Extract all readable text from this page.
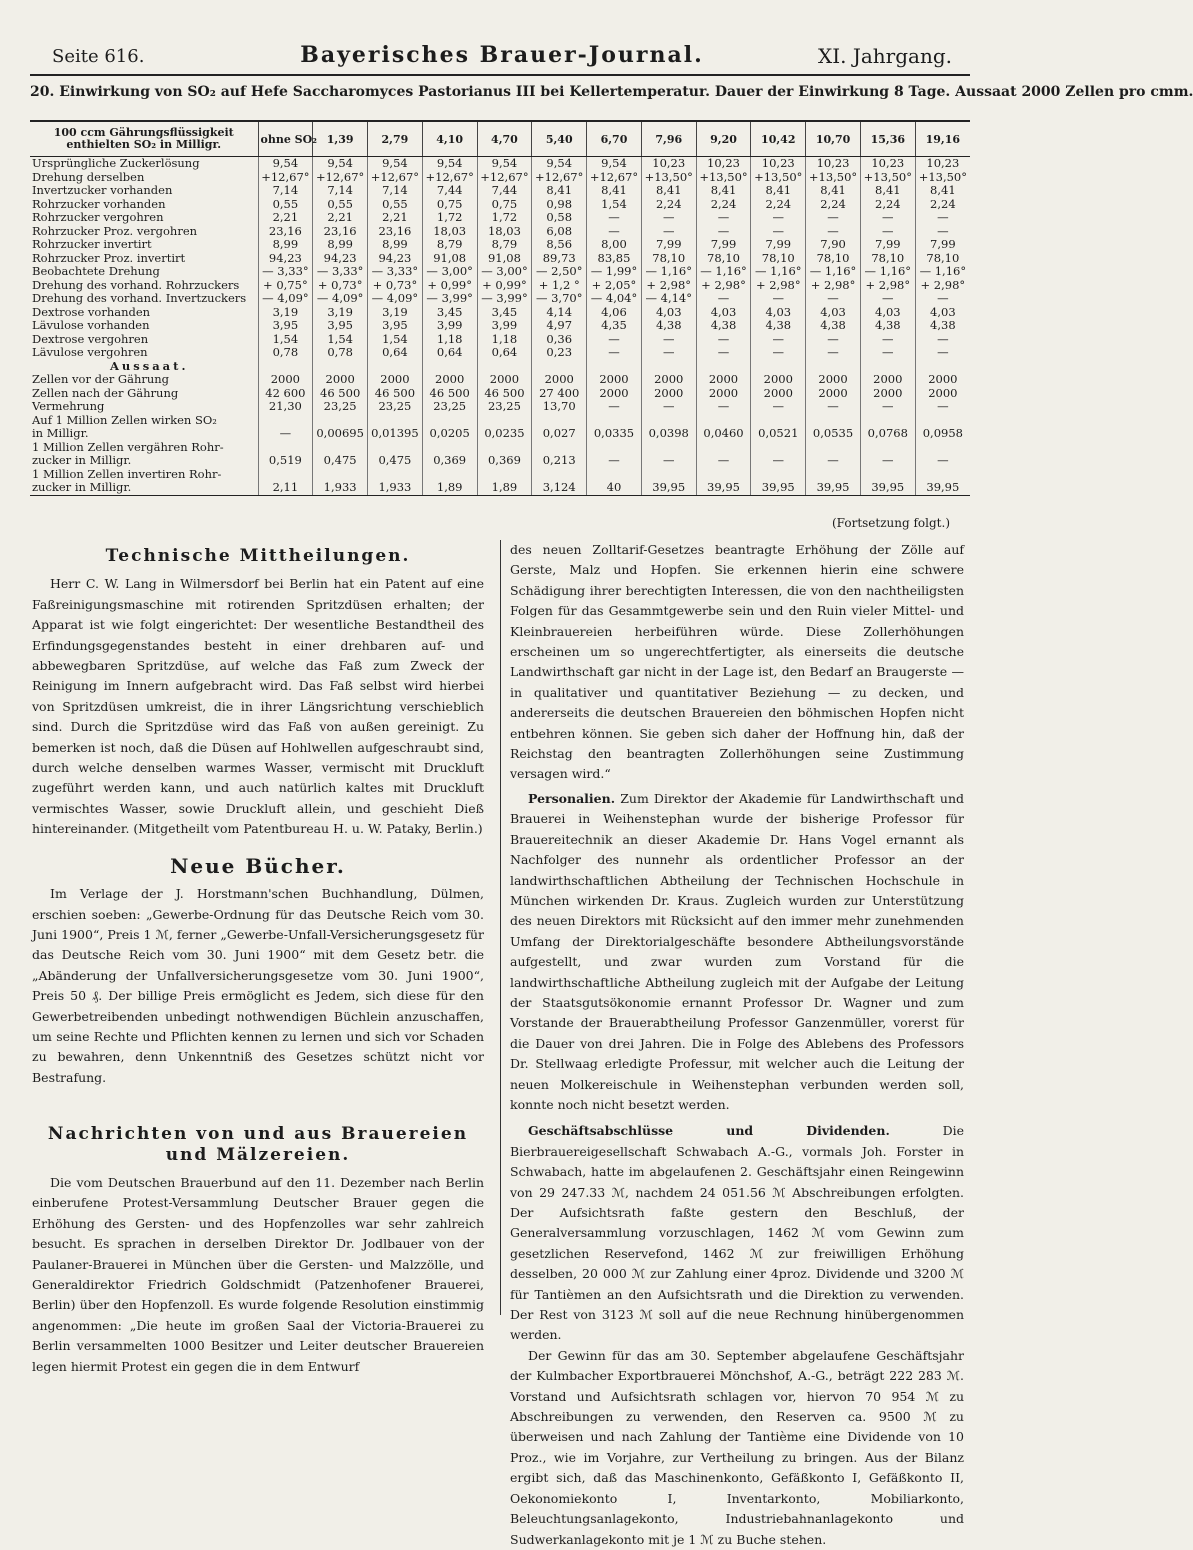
Seite 616.	Bayerisches Brauer-Journal.	XI. Jahrgang.
20. Einwirkung von SO₂ auf Hefe Saccharomyces Pastorianus III bei Kellertemperatur. Dauer der Einwirkung 8 Tage. Aussaat 2000 Zellen pro cmm.
100 ccm Gährungsflüssigkeit enthielten SO₂ in Milligr.	ohne SO₂	1,39	2,79	4,10	4,70	5,40	6,70	7,96	9,20	10,42	10,70	15,36	19,16
Ursprüngliche Zuckerlösung	9,54	9,54	9,54	9,54	9,54	9,54	9,54	10,23	10,23	10,23	10,23	10,23	10,23
Drehung derselben	+12,67°	+12,67°	+12,67°	+12,67°	+12,67°	+12,67°	+12,67°	+13,50°	+13,50°	+13,50°	+13,50°	+13,50°	+13,50°
Invertzucker vorhanden	7,14	7,14	7,14	7,44	7,44	8,41	8,41	8,41	8,41	8,41	8,41	8,41	8,41
Rohrzucker vorhanden	0,55	0,55	0,55	0,75	0,75	0,98	1,54	2,24	2,24	2,24	2,24	2,24	2,24
Rohrzucker vergohren	2,21	2,21	2,21	1,72	1,72	0,58	—	—	—	—	—	—	—
Rohrzucker Proz. vergohren	23,16	23,16	23,16	18,03	18,03	6,08	—	—	—	—	—	—	—
Rohrzucker invertirt	8,99	8,99	8,99	8,79	8,79	8,56	8,00	7,99	7,99	7,99	7,90	7,99	7,99
Rohrzucker Proz. invertirt	94,23	94,23	94,23	91,08	91,08	89,73	83,85	78,10	78,10	78,10	78,10	78,10	78,10
Beobachtete Drehung	— 3,33°	— 3,33°	— 3,33°	— 3,00°	— 3,00°	— 2,50°	— 1,99°	— 1,16°	— 1,16°	— 1,16°	— 1,16°	— 1,16°	— 1,16°
Drehung des vorhand. Rohrzuckers	+ 0,75°	+ 0,73°	+ 0,73°	+ 0,99°	+ 0,99°	+ 1,2 °	+ 2,05°	+ 2,98°	+ 2,98°	+ 2,98°	+ 2,98°	+ 2,98°	+ 2,98°
Drehung des vorhand. Invertzuckers	— 4,09°	— 4,09°	— 4,09°	— 3,99°	— 3,99°	— 3,70°	— 4,04°	— 4,14°	—	—	—	—	—
Dextrose vorhanden	3,19	3,19	3,19	3,45	3,45	4,14	4,06	4,03	4,03	4,03	4,03	4,03	4,03
Lävulose vorhanden	3,95	3,95	3,95	3,99	3,99	4,97	4,35	4,38	4,38	4,38	4,38	4,38	4,38
Dextrose vergohren	1,54	1,54	1,54	1,18	1,18	0,36	—	—	—	—	—	—	—
Lävulose vergohren	0,78	0,78	0,64	0,64	0,64	0,23	—	—	—	—	—	—	—
Aussaat.													
Zellen vor der Gährung	2000	2000	2000	2000	2000	2000	2000	2000	2000	2000	2000	2000	2000
Zellen nach der Gährung	42 600	46 500	46 500	46 500	46 500	27 400	2000	2000	2000	2000	2000	2000	2000
Vermehrung	21,30	23,25	23,25	23,25	23,25	13,70	—	—	—	—	—	—	—
Auf 1 Million Zellen wirken SO₂													
in Milligr.	—	0,00695	0,01395	0,0205	0,0235	0,027	0,0335	0,0398	0,0460	0,0521	0,0535	0,0768	0,0958
1 Million Zellen vergähren Rohr-													
zucker in Milligr.	0,519	0,475	0,475	0,369	0,369	0,213	—	—	—	—	—	—	—
1 Million Zellen invertiren Rohr-													
zucker in Milligr.	2,11	1,933	1,933	1,89	1,89	3,124	40	39,95	39,95	39,95	39,95	39,95	39,95
(Fortsetzung folgt.)
Technische Mittheilungen.

Herr C. W. Lang in Wilmersdorf bei Berlin hat ein Patent auf eine Faßreinigungsmaschine mit rotirenden Spritzdüsen erhalten; der Apparat ist wie folgt eingerichtet: Der wesentliche Bestandtheil des Erfindungsgegenstandes besteht in einer drehbaren auf- und abbewegbaren Spritzdüse, auf welche das Faß zum Zweck der Reinigung im Innern aufgebracht wird. Das Faß selbst wird hierbei von Spritzdüsen umkreist, die in ihrer Längsrichtung verschieblich sind. Durch die Spritzdüse wird das Faß von außen gereinigt. Zu bemerken ist noch, daß die Düsen auf Hohlwellen aufgeschraubt sind, durch welche denselben warmes Wasser, vermischt mit Druckluft zugeführt werden kann, und auch natürlich kaltes mit Druckluft vermischtes Wasser, sowie Druckluft allein, und geschieht Dieß hintereinander. (Mitgetheilt vom Patentbureau H. u. W. Pataky, Berlin.)

Neue Bücher.

Im Verlage der J. Horstmann'schen Buchhandlung, Dülmen, erschien soeben: „Gewerbe-Ordnung für das Deutsche Reich vom 30. Juni 1900“, Preis 1 ℳ, ferner „Gewerbe-Unfall-Versicherungsgesetz für das Deutsche Reich vom 30. Juni 1900“ mit dem Gesetz betr. die „Abänderung der Unfallversicherungsgesetze vom 30. Juni 1900“, Preis 50 ₰. Der billige Preis ermöglicht es Jedem, sich diese für den Gewerbetreibenden unbedingt nothwendigen Büchlein anzuschaffen, um seine Rechte und Pflichten kennen zu lernen und sich vor Schaden zu bewahren, denn Unkenntniß des Gesetzes schützt nicht vor Bestrafung.

Nachrichten von und aus Brauereien und Mälzereien.

Die vom Deutschen Brauerbund auf den 11. Dezember nach Berlin einberufene Protest-Versammlung Deutscher Brauer gegen die Erhöhung des Gersten- und des Hopfenzolles war sehr zahlreich besucht. Es sprachen in derselben Direktor Dr. Jodlbauer von der Paulaner-Brauerei in München über die Gersten- und Malzzölle, und Generaldirektor Friedrich Goldschmidt (Patzenhofener Brauerei, Berlin) über den Hopfenzoll. Es wurde folgende Resolution einstimmig angenommen: „Die heute im großen Saal der Victoria-Brauerei zu Berlin versammelten 1000 Besitzer und Leiter deutscher Brauereien legen hiermit Protest ein gegen die in dem Entwurf

des neuen Zolltarif-Gesetzes beantragte Erhöhung der Zölle auf Gerste, Malz und Hopfen. Sie erkennen hierin eine schwere Schädigung ihrer berechtigten Interessen, die von den nachtheiligsten Folgen für das Gesammtgewerbe sein und den Ruin vieler Mittel- und Kleinbrauereien herbeiführen würde. Diese Zollerhöhungen erscheinen um so ungerechtfertigter, als einerseits die deutsche Landwirthschaft gar nicht in der Lage ist, den Bedarf an Braugerste — in qualitativer und quantitativer Beziehung — zu decken, und andererseits die deutschen Brauereien den böhmischen Hopfen nicht entbehren können. Sie geben sich daher der Hoffnung hin, daß der Reichstag den beantragten Zollerhöhungen seine Zustimmung versagen wird.“

Personalien. Zum Direktor der Akademie für Landwirthschaft und Brauerei in Weihenstephan wurde der bisherige Professor für Brauereitechnik an dieser Akademie Dr. Hans Vogel ernannt als Nachfolger des nunnehr als ordentlicher Professor an der landwirthschaftlichen Abtheilung der Technischen Hochschule in München wirkenden Dr. Kraus. Zugleich wurden zur Unterstützung des neuen Direktors mit Rücksicht auf den immer mehr zunehmenden Umfang der Direktorialgeschäfte besondere Abtheilungsvorstände aufgestellt, und zwar wurden zum Vorstand für die landwirthschaftliche Abtheilung zugleich mit der Aufgabe der Leitung der Staatsgutsökonomie ernannt Professor Dr. Wagner und zum Vorstande der Brauerabtheilung Professor Ganzenmüller, vorerst für die Dauer von drei Jahren. Die in Folge des Ablebens des Professors Dr. Stellwaag erledigte Professur, mit welcher auch die Leitung der neuen Molkereischule in Weihenstephan verbunden werden soll, konnte noch nicht besetzt werden.

Geschäftsabschlüsse und Dividenden.	Die Bierbrauereigesellschaft Schwabach A.-G., vormals Joh. Forster in Schwabach, hatte im abgelaufenen 2. Geschäftsjahr einen Reingewinn von 29 247.33 ℳ, nachdem 24 051.56 ℳ Abschreibungen erfolgten. Der Aufsichtsrath faßte gestern den Beschluß, der Generalversammlung vorzuschlagen, 1462 ℳ vom Gewinn zum gesetzlichen Reservefond, 1462 ℳ zur freiwilligen Erhöhung desselben, 20 000 ℳ zur Zahlung einer 4proz. Dividende und 3200 ℳ für Tantièmen an den Aufsichtsrath und die Direktion zu verwenden. Der Rest von 3123 ℳ soll auf die neue Rechnung hinübergenommen werden.

Der Gewinn für das am 30. September abgelaufene Geschäftsjahr der Kulmbacher Exportbrauerei Mönchshof, A.-G., beträgt 222 283 ℳ. Vorstand und Aufsichtsrath schlagen vor, hiervon 70 954 ℳ zu Abschreibungen zu verwenden, den Reserven ca. 9500 ℳ zu überweisen und nach Zahlung der Tantième eine Dividende von 10 Proz., wie im Vorjahre, zur Vertheilung zu bringen. Aus der Bilanz ergibt sich, daß das Maschinenkonto, Gefäßkonto I, Gefäßkonto II, Oekonomiekonto I, Inventarkonto, Mobiliarkonto, Beleuchtungsanlagekonto, Industriebahnanlagekonto und Sudwerkanlagekonto mit je 1 ℳ zu Buche stehen.
